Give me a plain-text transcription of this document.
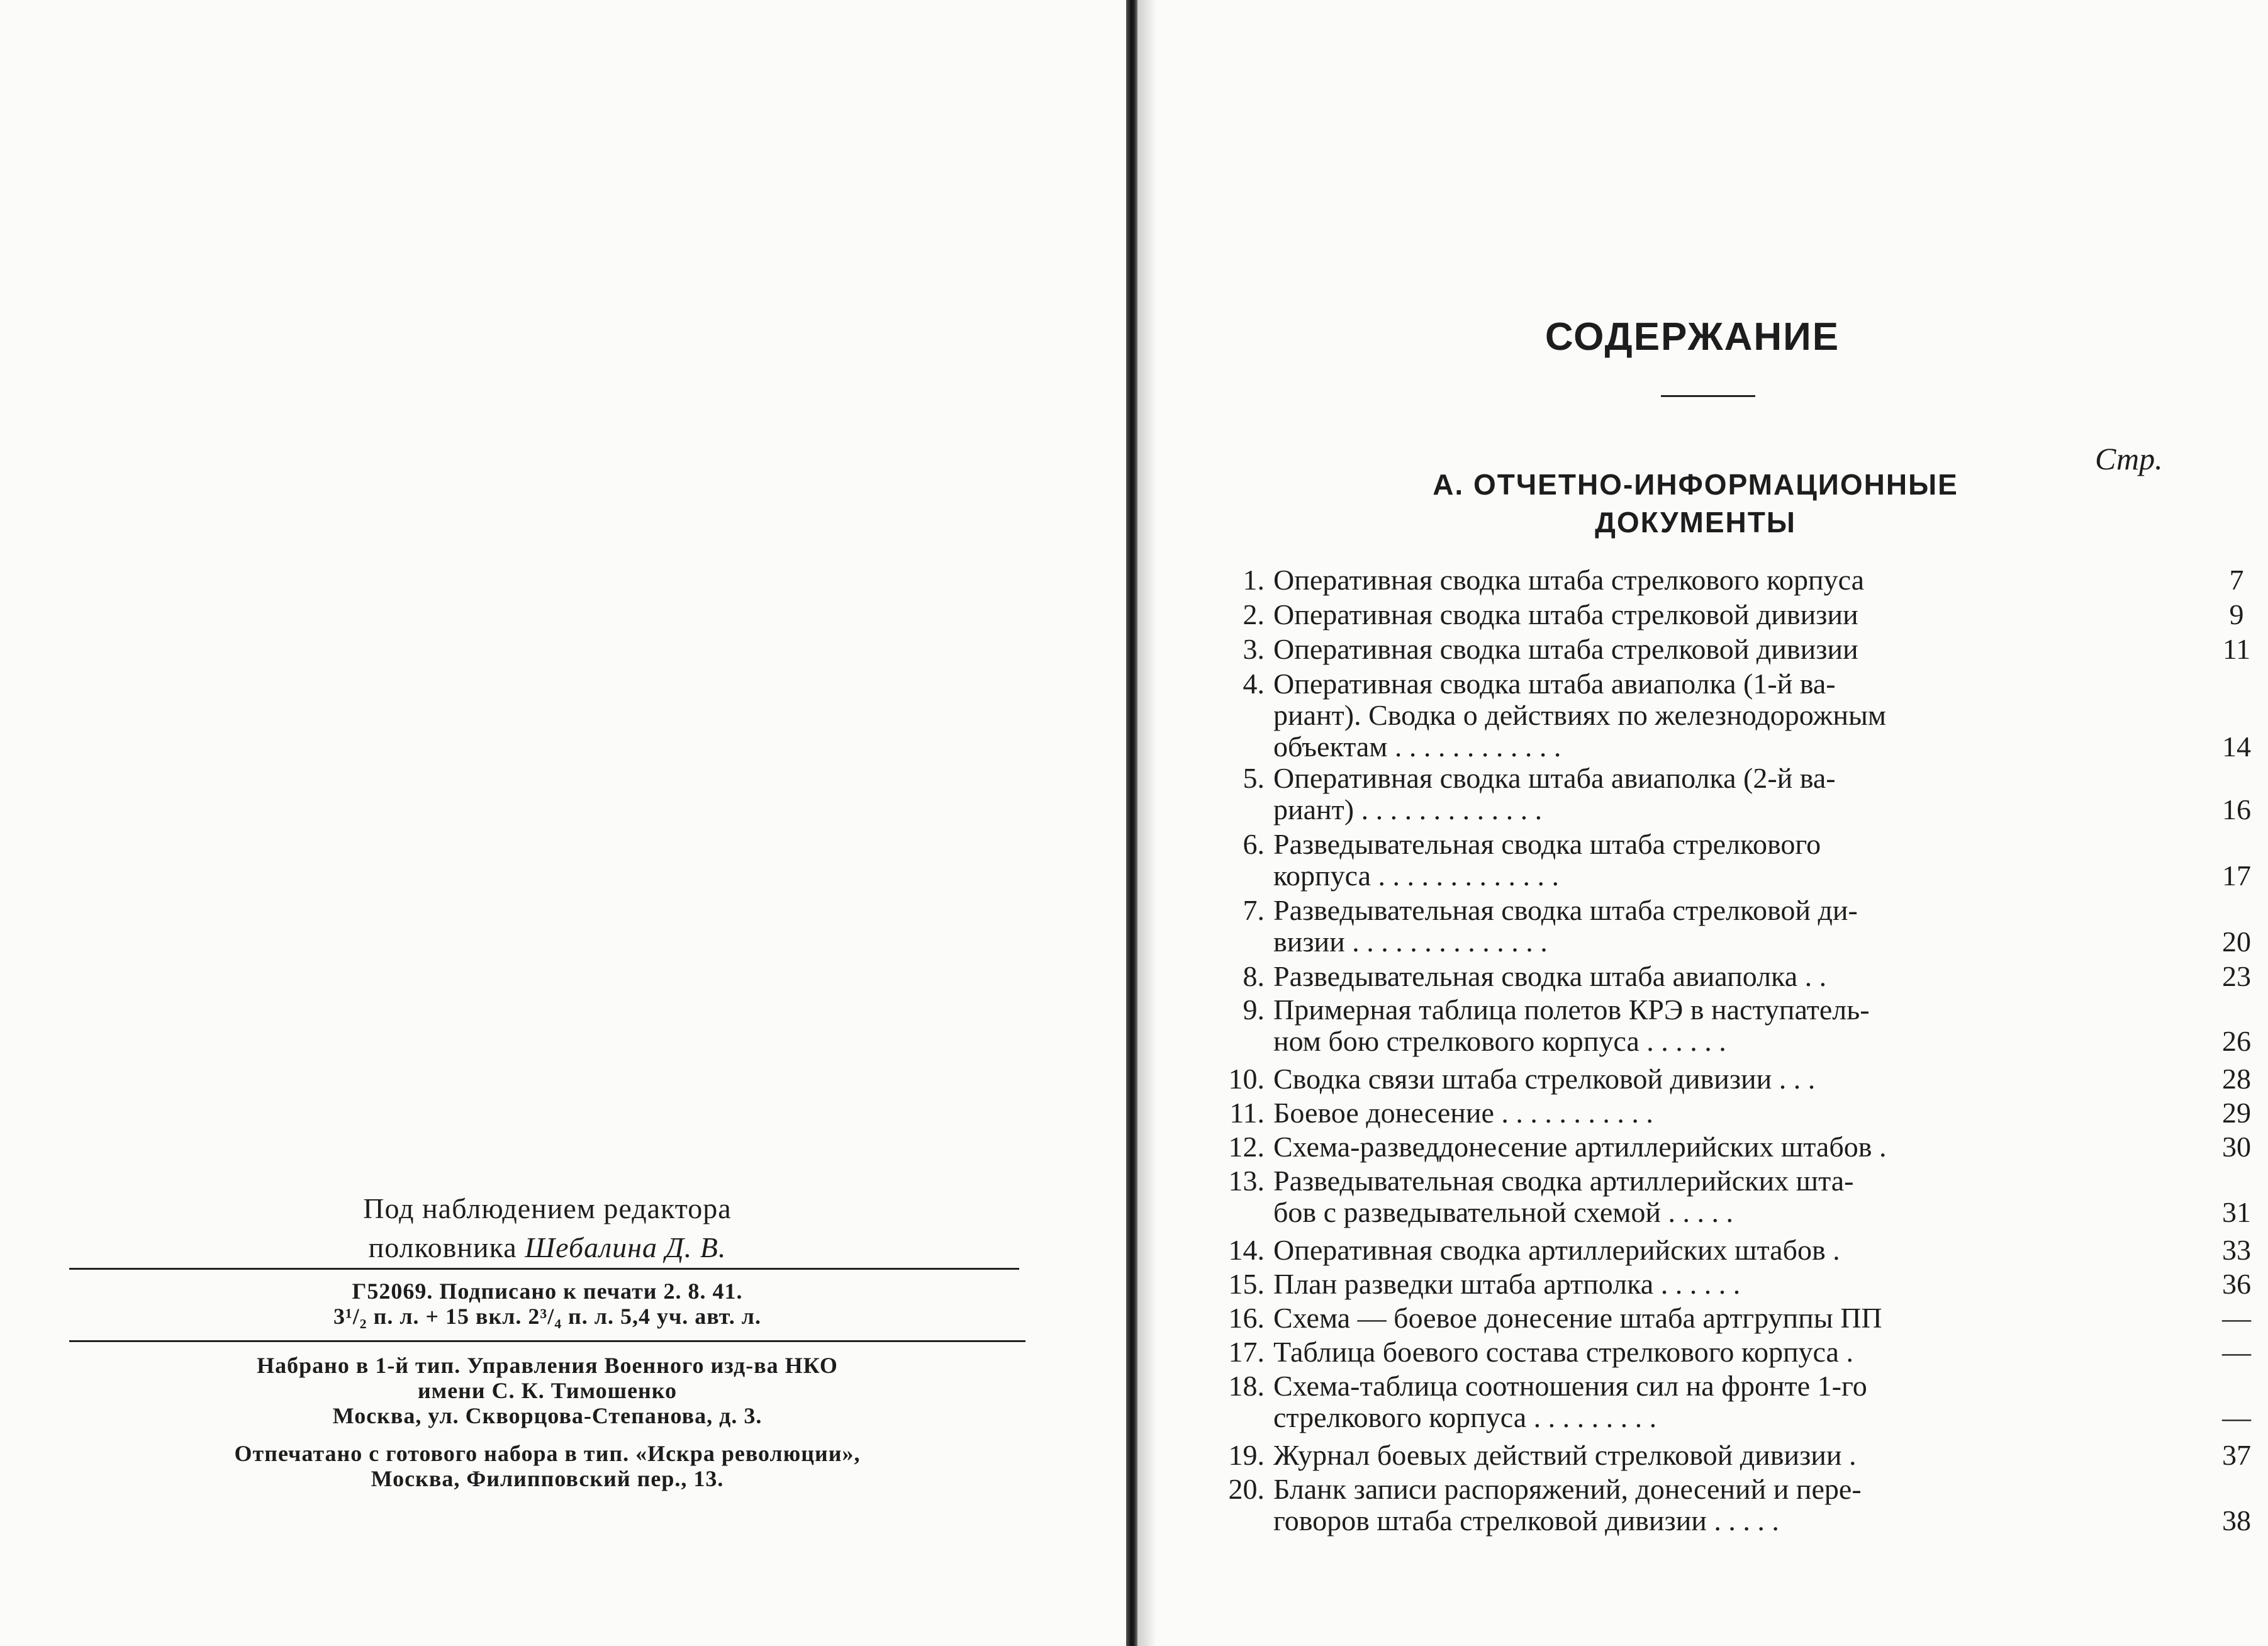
Под наблюдением редактора
полковника Шебалина Д. В.
Г52069. Подписано к печати 2. 8. 41.
3¹/₂ п. л. + 15 вкл. 2³/₄ п. л. 5,4 уч. авт. л.
Набрано в 1-й тип. Управления Военного изд-ва НКО
имени С. К. Тимошенко
Москва, ул. Скворцова-Степанова, д. 3.
Отпечатано с готового набора в тип. «Искра революции»,
Москва, Филипповский пер., 13.
СОДЕРЖАНИЕ
Стр.
А. ОТЧЕТНО-ИНФОРМАЦИОННЫЕ
ДОКУМЕНТЫ
1. Оперативная сводка штаба стрелкового корпуса	7
2. Оперативная сводка штаба стрелковой дивизии	9
3. Оперативная сводка штаба стрелковой дивизии	11
4. Оперативная сводка штаба авиаполка (1-й ва-
риант). Сводка о действиях по железнодорожным
объектам . . . . . . . . . . . .	14
5. Оперативная сводка штаба авиаполка (2-й ва-
риант) . . . . . . . . . . . . .	16
6. Разведывательная сводка штаба стрелкового
корпуса . . . . . . . . . . . . .	17
7. Разведывательная сводка штаба стрелковой ди-
визии . . . . . . . . . . . . . .	20
8. Разведывательная сводка штаба авиаполка . .	23
9. Примерная таблица полетов КРЭ в наступатель-
ном бою стрелкового корпуса . . . . . .	26
10. Сводка связи штаба стрелковой дивизии . . .	28
11. Боевое донесение . . . . . . . . . . .	29
12. Схема-разведдонесение артиллерийских штабов .	30
13. Разведывательная сводка артиллерийских шта-
бов с разведывательной схемой . . . . .	31
14. Оперативная сводка артиллерийских штабов .	33
15. План разведки штаба артполка . . . . . .	36
16. Схема — боевое донесение штаба артгруппы ПП	—
17. Таблица боевого состава стрелкового корпуса .	—
18. Схема-таблица соотношения сил на фронте 1-го
стрелкового корпуса . . . . . . . . .	—
19. Журнал боевых действий стрелковой дивизии .	37
20. Бланк записи распоряжений, донесений и пере-
говоров штаба стрелковой дивизии . . . . .	38
